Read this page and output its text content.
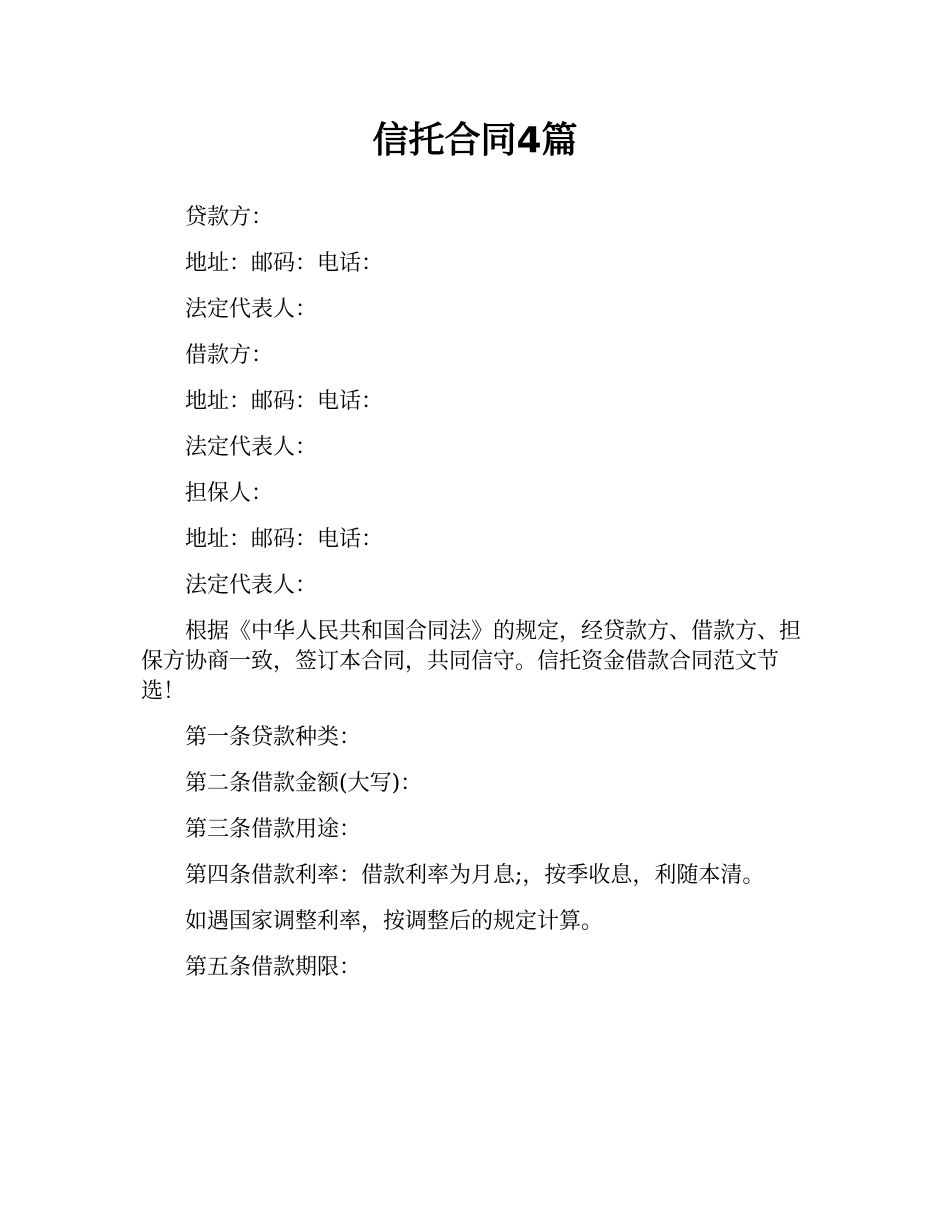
信托合同4篇

贷款方：

地址：邮码：电话：

法定代表人：

借款方：

地址：邮码：电话：

法定代表人：

担保人：

地址：邮码：电话：

法定代表人：

根据《中华人民共和国合同法》的规定，经贷款方、借款方、担保方协商一致，签订本合同，共同信守。信托资金借款合同范文节选！

第一条贷款种类：

第二条借款金额(大写)：

第三条借款用途：

第四条借款利率：借款利率为月息;，按季收息，利随本清。

如遇国家调整利率，按调整后的规定计算。

第五条借款期限：
